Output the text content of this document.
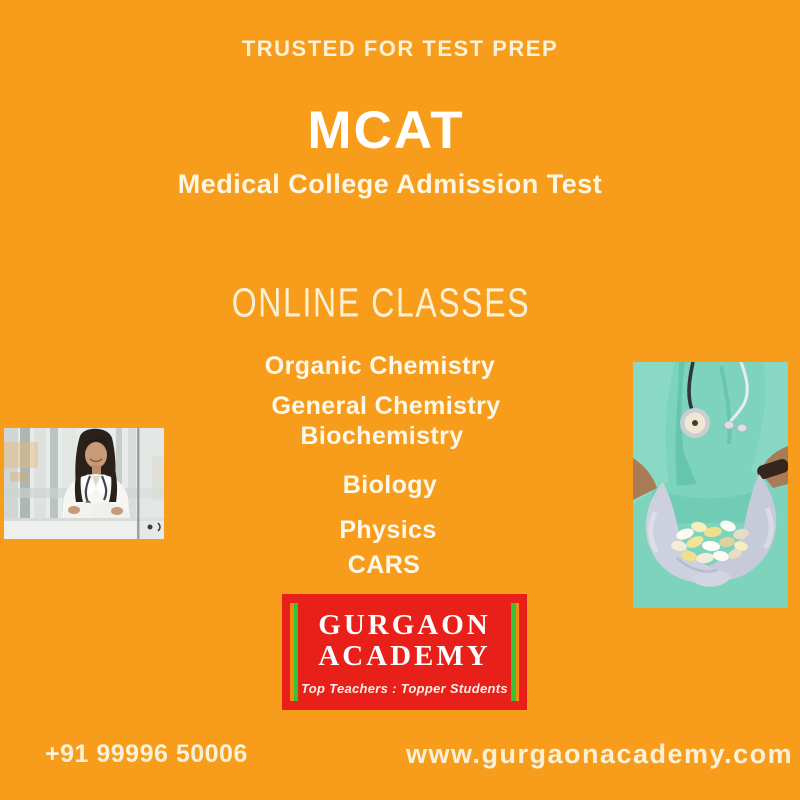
TRUSTED FOR TEST PREP
MCAT
Medical College Admission Test
ONLINE CLASSES
Organic Chemistry
General Chemistry
Biochemistry
Biology
Physics
CARS
GURGAON
ACADEMY
Top Teachers : Topper Students
+91 99996 50006	www.gurgaonacademy.com
